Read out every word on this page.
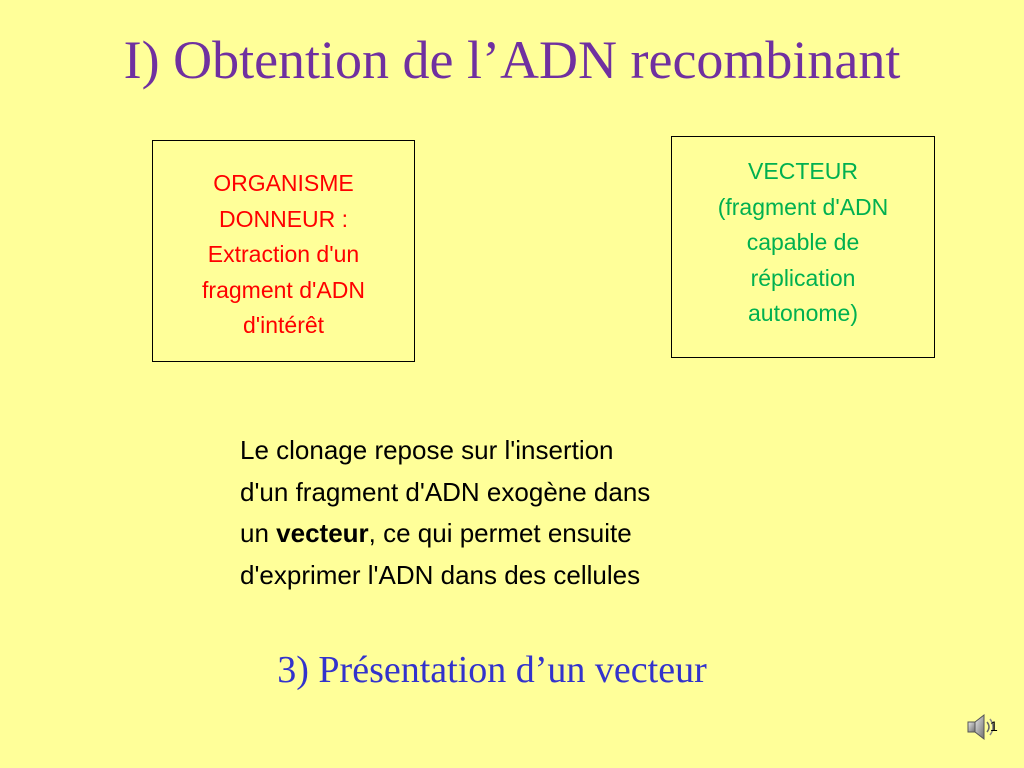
I) Obtention de l’ADN recombinant
ORGANISME
DONNEUR :
Extraction d'un
fragment d'ADN
d'intérêt
VECTEUR
(fragment d'ADN
capable de
réplication
autonome)
Le clonage repose sur l'insertion
d'un fragment d'ADN exogène dans
un vecteur, ce qui permet ensuite
d'exprimer l'ADN dans des cellules
3) Présentation d’un vecteur
1
